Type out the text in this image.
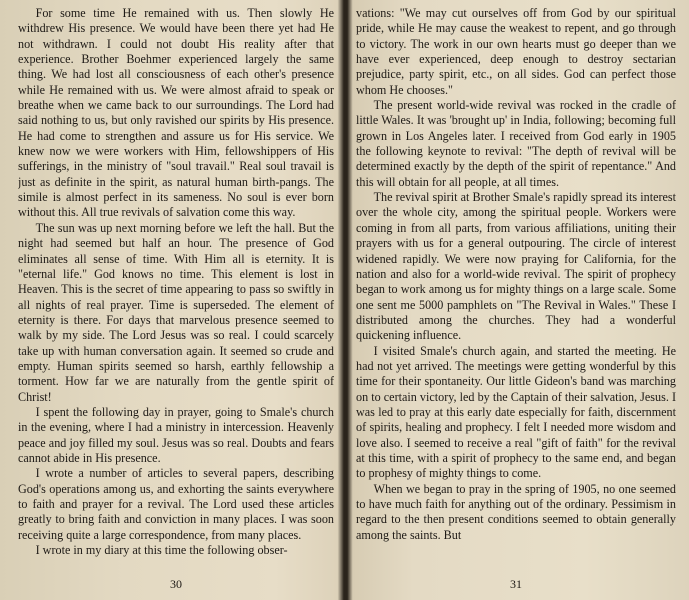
For some time He remained with us. Then slowly He withdrew His presence. We would have been there yet had He not withdrawn. I could not doubt His reality after that experience. Brother Boehmer experienced largely the same thing. We had lost all consciousness of each other's presence while He remained with us. We were almost afraid to speak or breathe when we came back to our surroundings. The Lord had said nothing to us, but only ravished our spirits by His presence. He had come to strengthen and assure us for His service. We knew now we were workers with Him, fellowshippers of His sufferings, in the ministry of "soul travail." Real soul travail is just as definite in the spirit, as natural human birth-pangs. The simile is almost perfect in its sameness. No soul is ever born without this. All true revivals of salvation come this way.

The sun was up next morning before we left the hall. But the night had seemed but half an hour. The presence of God eliminates all sense of time. With Him all is eternity. It is "eternal life." God knows no time. This element is lost in Heaven. This is the secret of time appearing to pass so swiftly in all nights of real prayer. Time is superseded. The element of eternity is there. For days that marvelous presence seemed to walk by my side. The Lord Jesus was so real. I could scarcely take up with human conversation again. It seemed so crude and empty. Human spirits seemed so harsh, earthly fellowship a torment. How far we are naturally from the gentle spirit of Christ!

I spent the following day in prayer, going to Smale's church in the evening, where I had a ministry in intercession. Heavenly peace and joy filled my soul. Jesus was so real. Doubts and fears cannot abide in His presence.

I wrote a number of articles to several papers, describing God's operations among us, and exhorting the saints everywhere to faith and prayer for a revival. The Lord used these articles greatly to bring faith and conviction in many places. I was soon receiving quite a large correspondence, from many places.

I wrote in my diary at this time the following obser-

30

vations: "We may cut ourselves off from God by our spiritual pride, while He may cause the weakest to repent, and go through to victory. The work in our own hearts must go deeper than we have ever experienced, deep enough to destroy sectarian prejudice, party spirit, etc., on all sides. God can perfect those whom He chooses."

The present world-wide revival was rocked in the cradle of little Wales. It was 'brought up' in India, following; becoming full grown in Los Angeles later. I received from God early in 1905 the following keynote to revival: "The depth of revival will be determined exactly by the depth of the spirit of repentance." And this will obtain for all people, at all times.

The revival spirit at Brother Smale's rapidly spread its interest over the whole city, among the spiritual people. Workers were coming in from all parts, from various affiliations, uniting their prayers with us for a general outpouring. The circle of interest widened rapidly. We were now praying for California, for the nation and also for a world-wide revival. The spirit of prophecy began to work among us for mighty things on a large scale. Some one sent me 5000 pamphlets on "The Revival in Wales." These I distributed among the churches. They had a wonderful quickening influence.

I visited Smale's church again, and started the meeting. He had not yet arrived. The meetings were getting wonderful by this time for their spontaneity. Our little Gideon's band was marching on to certain victory, led by the Captain of their salvation, Jesus. I was led to pray at this early date especially for faith, discernment of spirits, healing and prophecy. I felt I needed more wisdom and love also. I seemed to receive a real "gift of faith" for the revival at this time, with a spirit of prophecy to the same end, and began to prophesy of mighty things to come.

When we began to pray in the spring of 1905, no one seemed to have much faith for anything out of the ordinary. Pessimism in regard to the then present conditions seemed to obtain generally among the saints. But

31
